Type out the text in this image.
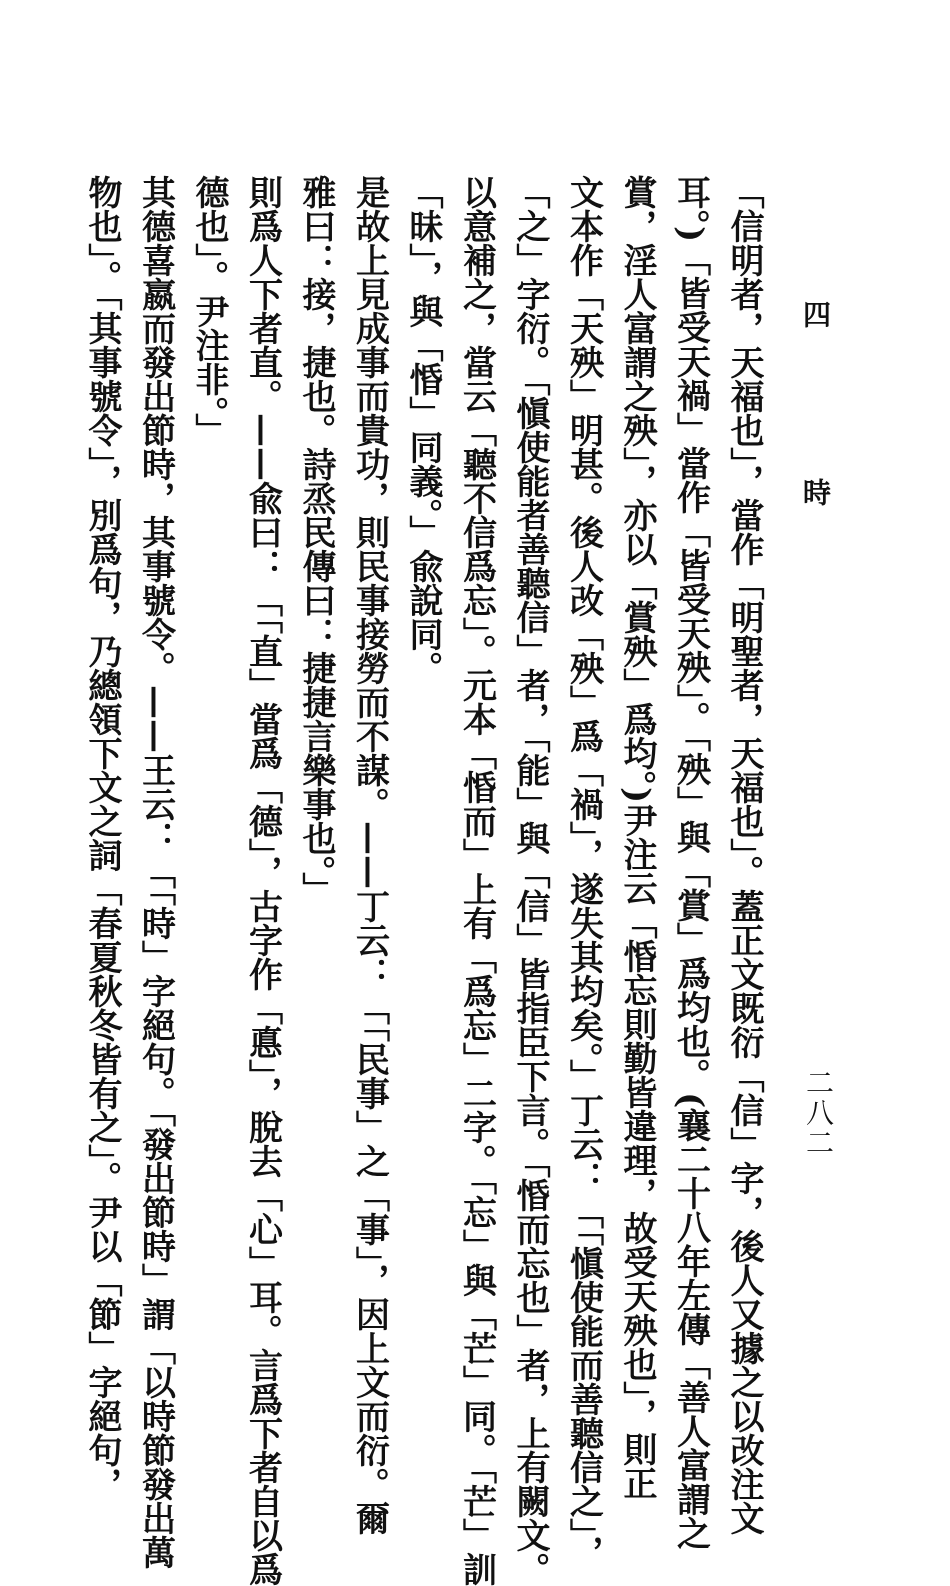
四 時
二八二
「信明者，天福也」，當作「明聖者，天福也」。蓋正文既衍「信」字，後人又據之以改注文
耳。)「皆受天禍」當作「皆受天殃」。「殃」與「賞」爲均也。(襄二十八年左傳「善人富謂之
賞，淫人富謂之殃」，亦以「賞殃」爲均。)尹注云「惛忘則勤皆違理，故受天殃也」，則正
文本作「天殃」明甚。後人改「殃」爲「禍」，遂失其均矣。」丁云：「「愼使能而善聽信之」，
「之」字衍。「愼使能者善聽信」者，「能」與「信」皆指臣下言。「惛而忘也」者，上有闕文。
以意補之，當云「聽不信爲忘」。元本「惛而」上有「爲忘」二字。「忘」與「芒」同。「芒」訓
「昧」，與「惛」同義。」兪說同。
是故上見成事而貴功，則民事接勞而不謀。——丁云：「「民事」之「事」，因上文而衍。爾
雅曰：接，捷也。詩烝民傳曰：捷捷言樂事也。」
則爲人下者直。——兪曰：「「直」當爲「德」，古字作「悳」，脫去「心」耳。言爲下者自以爲
德也」。尹注非。」
其德喜嬴而發出節時，其事號令。——王云：「「時」字絕句。「發出節時」謂「以時節發出萬
物也」。「其事號令」，別爲句，乃總領下文之詞「春夏秋冬皆有之」。尹以「節」字絕句，
